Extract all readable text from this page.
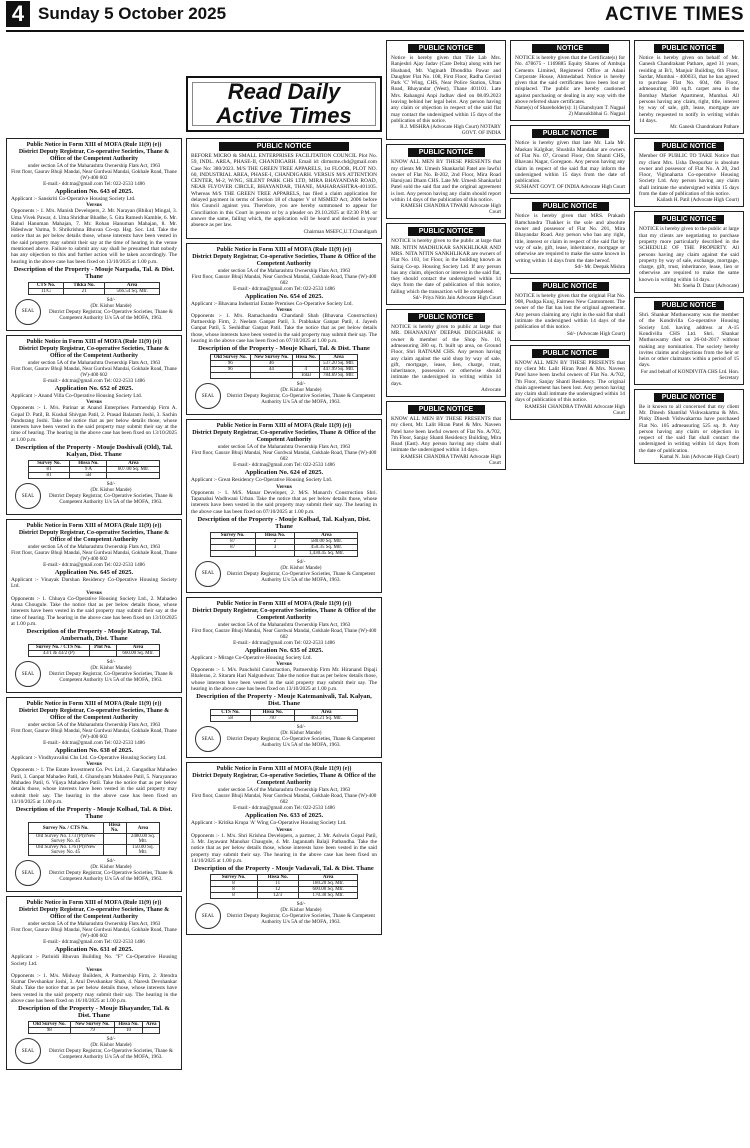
4 Sunday 5 October 2025	ACTIVE TIMES
Read Daily
Active Times
Public Notice in Form XIII of MOFA (Rule 11(9) (e))
District Deputy Registrar, Co-operative Societies, Thane & Office of the Competent Authority
under section 5A of the Maharashtra Ownership Flats Act, 1963
First floor, Gaurav Bhuji Mandai, Near Gurdwai Mandai, Gokhale Road, Thane (W)-400 602
E-mail:- ddr.tna@gmail.com Tel: 022-2533 1486
Application No. 643 of 2025.

Applicant :- Sanskriti Co-Operative Housing Society Ltd.

Versus

Opponents :- 1. M/s. Manish Developers, 2. Mr. Narayan (Bhiku) Mingal, 3. Uma Vivek Pawar, 4. Uma Shridhar Bhadhe, 5. Gita Ramesh Kamble, 6. Mr. Rahul Hanuman Mahajan, 7. Mr. Rohan Hanuman Mahajan, 8. Mr. Hdeshwar Varma, 9. Shrikrishna Bhuvan Co-op. Hsg. Soc. Ltd. Take the notice that as per below details those, whose interests have been vested in the said property may submit their say at the time of hearing in the venue mentioned above. Failure to submit any say shall be presumed that nobody has any objection to this and further action will be taken accordingly. The hearing in the above case has been fixed on 13/10/2025 at 1.00 p.m.

Description of the Property - Mouje Narpada, Tal. & Dist. Thane
CTS No.	Tikka No.	Area
11/G	21	566.54 Sq. Mtr.
SEAL
Sd/-
(Dr. Kishor Mande)
District Deputy Registrar, Co-Operative Societies, Thane & Competent Authority U/s 5A of the MOFA, 1963.
Public Notice in Form XIII of MOFA (Rule 11(9) (e))
District Deputy Registrar, Co-operative Societies, Thane & Office of the Competent Authority
under section 5A of the Maharashtra Ownership Flats Act, 1963
First floor, Gaurav Bhuji Mandai, Near Gurdwai Mandai, Gokhale Road, Thane (W)-400 602
E-mail:- ddr.tna@gmail.com Tel: 022-2533 1486
Application No. 652 of 2025.

Applicant :- Anand Villa Co-Operative Housing Society Ltd.

Versus

Opponents :- 1. M/s. Parinar at Anand Enterprises Partnership Firm A. Gopal D. Patil, B. Kushal Shivgan Patil, 2. Prasad Balaram Joshi, 3. Sachin Pandurang Joshi. Take the notice that as per below details those, whose interests have been vested in the said property may submit their say at the time of hearing. The hearing in the above case has been fixed on 13/10/2025 at 1.00 p.m.

Description of the Property - Mouje Doshivali (Old), Tal. Kalyan, Dist. Thane
Survey No.	Hissa No.	Area
81	9 A	607.00 Sq. Mtr.
81	5B	
SEAL
Sd/-
(Dr. Kishor Mande)
District Deputy Registrar, Co-Operative Societies, Thane & Competent Authority U/s 5A of the MOFA, 1963.
Public Notice in Form XIII of MOFA (Rule 11(9) (e))
District Deputy Registrar, Co-operative Societies, Thane & Office of the Competent Authority
under section 5A of the Maharashtra Ownership Flats Act, 1963
First floor, Gaurav Bhuji Mandai, Near Gurdwai Mandai, Gokhale Road, Thane (W)-400 602
E-mail:- ddr.tna@gmail.com Tel: 022-2533 1486
Application No. 645 of 2025.

Applicant :- Vinayak Darshan Residency Co-Operative Housing Society Ltd.

Versus

Opponents :- 1. Chhaya Co-Operative Housing Society Ltd., 2. Mahadeo Anna Chougule. Take the notice that as per below details those, whose interests have been vested in the said property may submit their say at the time of hearing. The hearing in the above case has been fixed on 13/10/2025 at 1.00 p.m.

Description of the Property - Mouje Katrap, Tal. Ambernath, Dist. Thane
Survey No. / CTS No.	Plot No.	Area
43/1 & 43/2 (P)		660.00 Sq. Mtr.
SEAL
Sd/-
(Dr. Kishor Mande)
District Deputy Registrar, Co-Operative Societies, Thane & Competent Authority U/s 5A of the MOFA, 1963.
Public Notice in Form XIII of MOFA (Rule 11(9) (e))
District Deputy Registrar, Co-operative Societies, Thane & Office of the Competent Authority
under section 5A of the Maharashtra Ownership Flats Act, 1963
First floor, Gaurav Bhuji Mandai, Near Gurdwai Mandai, Gokhale Road, Thane (W)-400 602
E-mail:- ddr.tna@gmail.com Tel: 022-2533 1486
Application No. 638 of 2025.

Applicant :- Vindhyavalini Chs Ltd. Co-Operative Housing Society Ltd.

Versus

Opponents :- 1. The Estate Investment Co. Pvt. Ltd., 2. Gangadhar Mahadeo Patil, 3. Ganpat Mahadeo Patil, 4. Ghanshyam Mahadeo Patil, 5. Narayanrao Mahadeo Patil, 6. Vijaya Mahadeo Patil. Take the notice that as per below details those, whose interests have been vested in the said property may submit their say. The hearing in the above case has been fixed on 13/10/2025 at 1.00 p.m.

Description of the Property - Mouje Kolbad, Tal. & Dist. Thane
Survey No. / CTS No.	Hissa No.	Area
Old Survey No. 173 (Pt)/New Survey No. 45		2480.00 Sq. Mtr.
Old Survey No. 176 (Pt)/New Survey No. 45		150.00 Sq. Mtr.
SEAL
Sd/-
(Dr. Kishor Mande)
District Deputy Registrar, Co-Operative Societies, Thane & Competent Authority U/s 5A of the MOFA, 1963.
Public Notice in Form XIII of MOFA (Rule 11(9) (e))
District Deputy Registrar, Co-operative Societies, Thane & Office of the Competent Authority
under section 5A of the Maharashtra Ownership Flats Act, 1963
First floor, Gaurav Bhuji Mandai, Near Gurdwai Mandai, Gokhale Road, Thane (W)-400 602
E-mail:- ddr.tna@gmail.com Tel: 022-2533 1486
Application No. 631 of 2025.

Applicant :- Parinidi Bhuvan Building No. "F" Co-Operative Housing Society Ltd.

Versus

Opponents :- 1. M/s. Midway Builders, A Partnership Firm, 2. Jitendra Kumar Devshankar Joshi, 3. Atul Devshankar Shah, 4. Naresh Devshankar Shah. Take the notice that as per below details those, whose interests have been vested in the said property may submit their say. The hearing in the above case has been fixed on 16/10/2025 at 1.00 p.m.

Description of the Property - Mouje Bhayander, Tal. & Dist. Thane
Old Survey No.	New Survey No.	Hissa No.	Area
98	79	10	
SEAL
Sd/-
(Dr. Kishor Mande)
District Deputy Registrar, Co-Operative Societies, Thane & Competent Authority U/s 5A of the MOFA, 1963.
PUBLIC NOTICE

BEFORE MICRO & SMALL ENTERPRISES FACILITATION COUNCIL Plot No. 59, INDL. AREA, PHASE-II, CHANDIGARH. Email id: dirmsme.chd@gmail.com Case No: 380/2023. M/S THE GREEN TREE APPARELS, 1st FLOOR, PLOT NO. 60, INDUSTRIAL AREA, PHASE-I, CHANDIGARH. VERSUS M/S ATTENTION CENTER, M-2, W/NG, SILENT PARK CHS LTD, MIRA BHAYANDAR ROAD, NEAR FLYOVER CIRCLE, BHAYANDAR, THANE, MAHARASHTRA-401105. Whereas M/S THE GREEN TREE APPARELS, has filed a claim application for delayed payment in terms of Section 18 of chapter V of MSMED Act, 2006 before this Council against you. Therefore, you are hereby summoned to appear for Conciliation in this Court in person or by a pleader on 29.10.2025 at 02:30 P.M. or answer the same, failing which, the application will be heard and decided in your absence as per law.

Chairman MSEFC,U.T.Chandigarh

Public Notice in Form XIII of MOFA (Rule 11(9) (e))
District Deputy Registrar, Co-operative Societies, Thane & Office of the Competent Authority
under section 5A of the Maharashtra Ownership Flats Act, 1963
First floor, Gaurav Bhuji Mandai, Near Gurdwai Mandai, Gokhale Road, Thane (W)-400 602
E-mail:- ddr.tna@gmail.com Tel: 022-2533 1486
Application No. 654 of 2025.

Applicant :- Bhavana Industrial Estate Premises Co-Operative Society Ltd.

Versus

Opponents :- 1. M/s. Ramachandra Chandanil Shah (Bhavana Construction) Partnership Firm, 2. Neelam Ganpat Patil, 3. Prabhakar Ganpat Patil, 4. Jayesh Ganpat Patil, 5. Seshidhar Ganpat Patil. Take the notice that as per below details those, whose interests have been vested in the said property may submit their say. The hearing in the above case has been fixed on 07/10/2025 at 1.00 p.m.

Description of the Property - Mouje Khari, Tal. & Dist. Thane
Old Survey No.	New Survey No.	Hissa No.	Area
96	46		537.20 Sq. Mtr.
96	44	4	447.99 Sq. Mtr.
		Total	784.69 Sq. Mtr.
SEAL
Sd/-
(Dr. Kishor Mande)
District Deputy Registrar, Co-Operative Societies, Thane & Competent Authority U/s 5A of the MOFA, 1963.
Public Notice in Form XIII of MOFA (Rule 11(9) (e))
District Deputy Registrar, Co-operative Societies, Thane & Office of the Competent Authority
under section 5A of the Maharashtra Ownership Flats Act, 1963
First floor, Gaurav Bhuji Mandai, Near Gurdwai Mandai, Gokhale Road, Thane (W)-400 602
E-mail:- ddr.tna@gmail.com Tel: 022-2533 1486
Application No. 624 of 2025.

Applicant :- Great Residency Co-Operative Housing Society Ltd.

Versus

Opponents :- 1. M/S. Manar Developer, 2. M/S. Manarch Construction Shri. Tapanabai Wadhwani Urban. Take the notice that as per below details those, whose interests have been vested in the said property may submit their say. The hearing in the above case has been fixed on 07/10/2025 at 1.00 p.m.

Description of the Property - Mouje Kolbad, Tal. Kalyan, Dist. Thane
Survey No.	Hissa No.	Area
87	2	580.00 Sq. Mtr.
87	3	450.35 Sq. Mtr.
		1,430.45 Sq. Mtr.
SEAL
Sd/-
(Dr. Kishor Mande)
District Deputy Registrar, Co-Operative Societies, Thane & Competent Authority U/s 5A of the MOFA, 1963.
Public Notice in Form XIII of MOFA (Rule 11(9) (e))
District Deputy Registrar, Co-operative Societies, Thane & Office of the Competent Authority
under section 5A of the Maharashtra Ownership Flats Act, 1963
First floor, Gaurav Bhuji Mandai, Near Gurdwai Mandai, Gokhale Road, Thane (W)-400 602
E-mail:- ddr.tna@gmail.com Tel: 022-2533 1486
Application No. 635 of 2025.

Applicant :- Mirage Co-Operative Housing Society Ltd.

Versus

Opponents :- 1. M/s. Panchshil Construction, Partnership Firm Mr. Hiranand Dipaji Bhalerao, 2. Sitaram Hari Nalgundwar. Take the notice that as per below details those, whose interests have been vested in the said property may submit their say. The hearing in the above case has been fixed on 13/10/2025 at 1.00 p.m.

Description of the Property - Mouje Katemanivali, Tal. Kalyan, Dist. Thane
CTS No.	Hissa No.	Area
58	787	463.21 Sq. Mtr.
SEAL
Sd/-
(Dr. Kishor Mande)
District Deputy Registrar, Co-Operative Societies, Thane & Competent Authority U/s 5A of the MOFA, 1963.
Public Notice in Form XIII of MOFA (Rule 11(9) (e))
District Deputy Registrar, Co-operative Societies, Thane & Office of the Competent Authority
under section 5A of the Maharashtra Ownership Flats Act, 1963
First floor, Gaurav Bhuji Mandai, Near Gurdwai Mandai, Gokhale Road, Thane (W)-400 602
E-mail:- ddr.tna@gmail.com Tel: 022-2533 1486
Application No. 633 of 2025.

Applicant :- Kritika Krupa 'A' Wing Co-Operative Housing Society Ltd.

Versus

Opponents :- 1. M/s. Shri Krishna Developers, a partner, 2. Mr. Ashwin Gopal Patil, 3. Mr. Jayawant Manohar Chaugule, 4. Mr. Jagannath Balaji Patbandha. Take the notice that as per below details those, whose interests have been vested in the said property may submit their say. The hearing in the above case has been fixed on 14/10/2025 at 1.00 p.m.

Description of the Property - Mouje Vadavali, Tal. & Dist. Thane
Survey No.	Hissa No.	Area
8	11	180.20 Sq. Mtr.
8	12	600.00 Sq. Mtr.
8	12/3	170.30 Sq. Mtr.
SEAL
Sd/-
(Dr. Kishor Mande)
District Deputy Registrar, Co-Operative Societies, Thane & Competent Authority U/s 5A of the MOFA, 1963.
PUBLIC NOTICE

Notice is hereby given that Tile Lab Mrs. Ranjeshri Ajay Jadav (Care Delta) along with her Husband, Mr. Vaginath Dhondiba Pawar and Daughter Flat No. 108, First Floor, Radha Govind Park 'C' Wing, CHS, Near Police Station, Ultan Road, Bhayandar (West), Thane 401101. Late Mrs. Rahangni Anpi Jadhav died on 08.09.2023 leaving behind her legal heirs. Any person having any claim or objection in respect of the said flat may contact the undersigned within 15 days of the publication of this notice.

R.J. MISHRA (Advocate High Court) NOTARY GOVT. OF INDIA

PUBLIC NOTICE

KNOW ALL MEN BY THESE PRESENTS that my clients Mr. Umesh Shankarlal Patel are lawful owner of Flat No. B-202, 2nd Floor, Mira Road Harsiyani Dham CHS. Late Mr. Umesh Shankarlal Patel sold the said flat and the original agreement is lost. Any person having any claim should report within 14 days of the publication of this notice.

RAMESH CHANDRA TIWARI Advocate High Court

PUBLIC NOTICE

NOTICE is hereby given to the public at large that MR. NITIN MADHUKAR SANKHLIKAR AND MRS. NITA NITIN SANKHLIKAR are owners of Flat No. 103, 1st Floor, in the building known as Sairaj Co-op. Housing Society Ltd. If any person has any claim, objection or interest in the said flat, they should contact the undersigned within 14 days from the date of publication of this notice, failing which the transaction will be completed.

Sd/- Priya Nitin Jain Advocate High Court

PUBLIC NOTICE

NOTICE is hereby given to public at large that MR. DHANANJAY DEEPAK DEOGHARE is owner & member of the Shop No. 10, admeasuring 380 sq. ft. built up area, on Ground Floor, Shri RATNAM CHS. Any person having any claim against the said shop by way of sale, gift, mortgage, lease, lien, charge, trust, inheritance, possession or otherwise should intimate the undersigned in writing within 14 days.

Advocate

PUBLIC NOTICE

KNOW ALL MEN BY THESE PRESENTS that my client, Mr. Lalit Hiran Patel & Mrs. Naveen Patel have been lawful owners of Flat No. A/702, 7th Floor, Sanjay Shanti Residency Building, Mira Road (East). Any person having any claim shall intimate the undersigned within 14 days.

RAMESH CHANDRA TIWARI Advocate High Court

NOTICE

NOTICE is hereby given that the Certificate(s) for No. 478675 - 1169885 Equity Shares of Ambuja Cements Limited, Registered Office at Adani Corporate House, Ahmedabad. Notice is hereby given that the said certificates have been lost or misplaced. The public are hereby cautioned against purchasing or dealing in any way with the above referred share certificates.

Name(s) of Shareholder(s): 1) Ghanshyam T. Nagpal 2) Mansukhbhai G. Nagpal

PUBLIC NOTICE

Notice is hereby given that late Mr. Lala Mr. Maskan Kalgikar, Shushila Mandakar are owners of Flat No. 07, Ground Floor, Om Shanti CHS, Bhavani Nagar, Goregaon. Any person having any claim in respect of the said flat may inform the undersigned within 15 days from the date of publication.

SUSHANT GOVT. OF INDIA Advocate High Court

PUBLIC NOTICE

Notice is hereby given that MRS. Prakash Ramchandra Thakker is the sole and absolute owner and possessor of Flat No. 201, Mira Bhayandar Road. Any person who has any right, title, interest or claim in respect of the said flat by way of sale, gift, lease, inheritance, mortgage or otherwise are required to make the same known in writing within 14 days from the date hereof.

Sd/- Mr. Deepak Mishra

PUBLIC NOTICE

NOTICE is hereby given that the original Flat No. 908, Pushpa Kunj, Fairness New Cantonment. The owner of the flat has lost the original agreement. Any person claiming any right in the said flat shall intimate the undersigned within 14 days of the publication of this notice.

Sd/- (Advocate High Court)

PUBLIC NOTICE

KNOW ALL MEN BY THESE PRESENTS that my client Mr. Lalit Hiran Patel & Mrs. Naveen Patel have been lawful owners of Flat No. A/702, 7th Floor, Sanjay Shanti Residency. The original chain agreement has been lost. Any person having any claim shall intimate the undersigned within 14 days of publication of this notice.

RAMESH CHANDRA TIWARI Advocate High Court

PUBLIC NOTICE

Notice is hereby given on behalf of Mr. Ganesh Chandrakant Pathare, aged 31 years, residing at B/1, Manjuir Building, 6th Floor, Sardar, Mumbai - 400033, that he has agreed to purchase Flat No. 604, 6th Floor, admeasuring 300 sq.ft. carpet area in the Bombay Market Apartment, Mumbai. All persons having any claim, right, title, interest by way of sale, gift, lease, mortgage are hereby requested to notify in writing within 14 days.

Mr. Ganesh Chandrakant Pathare

PUBLIC NOTICE

Member OF PUBLIC TO TAKE Notice that my client Mrs. Usha Deopurkar is absolute owner and possessor of Flat No. A 20, 2nd Floor, Vighnaharta Co-operative Housing Society Ltd. Any person having any claim shall intimate the undersigned within 15 days from the date of publication of this notice.

Kailash H. Patil (Advocate High Court)

PUBLIC NOTICE

NOTICE is hereby given to the public at large that my clients are negotiating to purchase property more particularly described in the SCHEDULE OF THE PROPERTY. All persons having any claim against the said property by way of sale, exchange, mortgage, charge, gift, trust, inheritance, lease, lien or otherwise are required to make the same known in writing within 14 days.

Mr. Sneha D. Datar (Advocate)

PUBLIC NOTICE

Shri. Shankar Muthuswamy was the member of the Kondivilla Co-operative Housing Society Ltd. having address at A-15 Kondivilla CHS Ltd. Shri. Shankar Muthuswamy died on 26-04-2017 without making any nomination. The society hereby invites claims and objections from the heir or heirs or other claimants within a period of 15 days.

For and behalf of KONDIVITA CHS Ltd. Hon. Secretary

PUBLIC NOTICE

Be it known to all concerned that my client Mr. Dinesh Shantilal Vishwakarma & Mrs. Pinky Dinesh Vishwakarma have purchased Flat No. 105 admeasuring 525 sq. ft. Any person having any claim or objection in respect of the said flat shall contact the undersigned in writing within 14 days from the date of publication.

Kamal N. Jain (Advocate High Court)
